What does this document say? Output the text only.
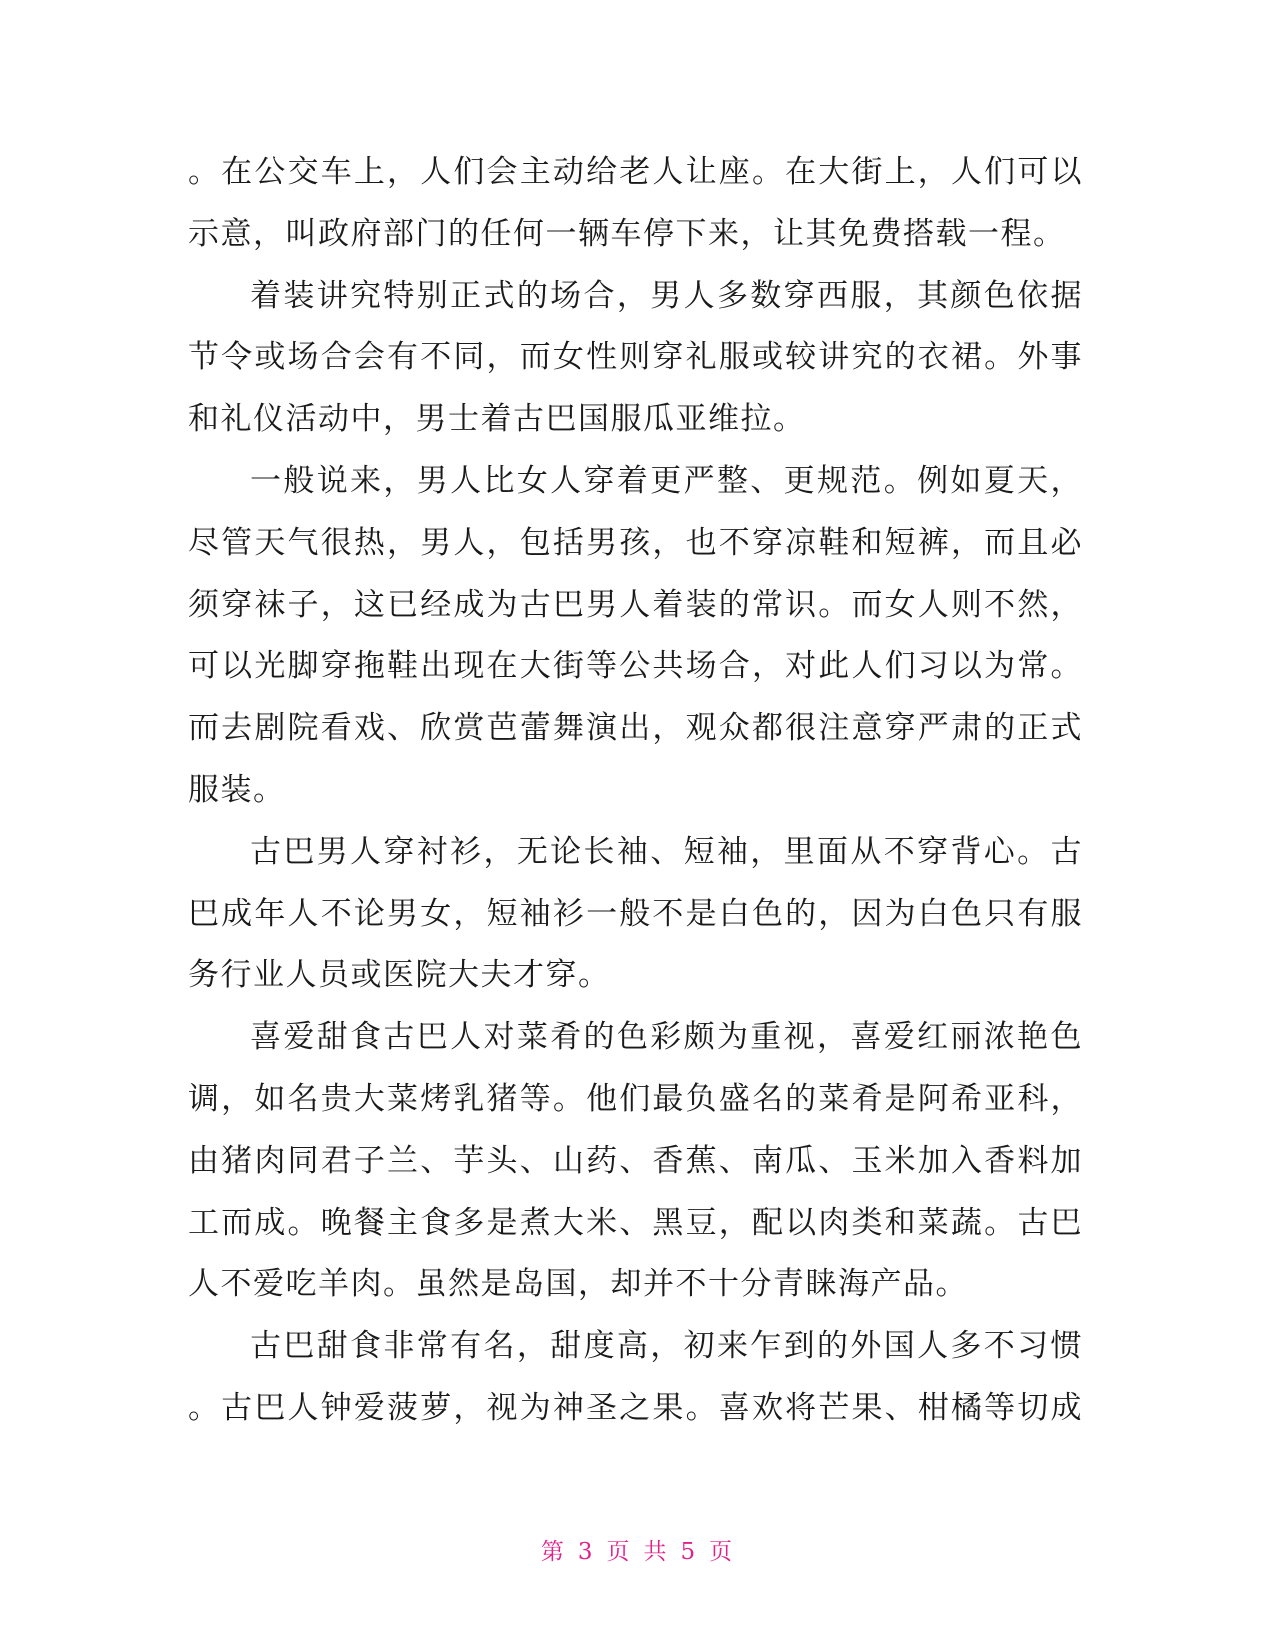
。在公交车上，人们会主动给老人让座。在大街上，人们可以
示意，叫政府部门的任何一辆车停下来，让其免费搭载一程。
着装讲究特别正式的场合，男人多数穿西服，其颜色依据
节令或场合会有不同，而女性则穿礼服或较讲究的衣裙。外事
和礼仪活动中，男士着古巴国服瓜亚维拉。
一般说来，男人比女人穿着更严整、更规范。例如夏天，
尽管天气很热，男人，包括男孩，也不穿凉鞋和短裤，而且必
须穿袜子，这已经成为古巴男人着装的常识。而女人则不然，
可以光脚穿拖鞋出现在大街等公共场合，对此人们习以为常。
而去剧院看戏、欣赏芭蕾舞演出，观众都很注意穿严肃的正式
服装。
古巴男人穿衬衫，无论长袖、短袖，里面从不穿背心。古
巴成年人不论男女，短袖衫一般不是白色的，因为白色只有服
务行业人员或医院大夫才穿。
喜爱甜食古巴人对菜肴的色彩颇为重视，喜爱红丽浓艳色
调，如名贵大菜烤乳猪等。他们最负盛名的菜肴是阿希亚科，
由猪肉同君子兰、芋头、山药、香蕉、南瓜、玉米加入香料加
工而成。晚餐主食多是煮大米、黑豆，配以肉类和菜蔬。古巴
人不爱吃羊肉。虽然是岛国，却并不十分青睐海产品。
古巴甜食非常有名，甜度高，初来乍到的外国人多不习惯
。古巴人钟爱菠萝，视为神圣之果。喜欢将芒果、柑橘等切成
第 3 页 共 5 页
